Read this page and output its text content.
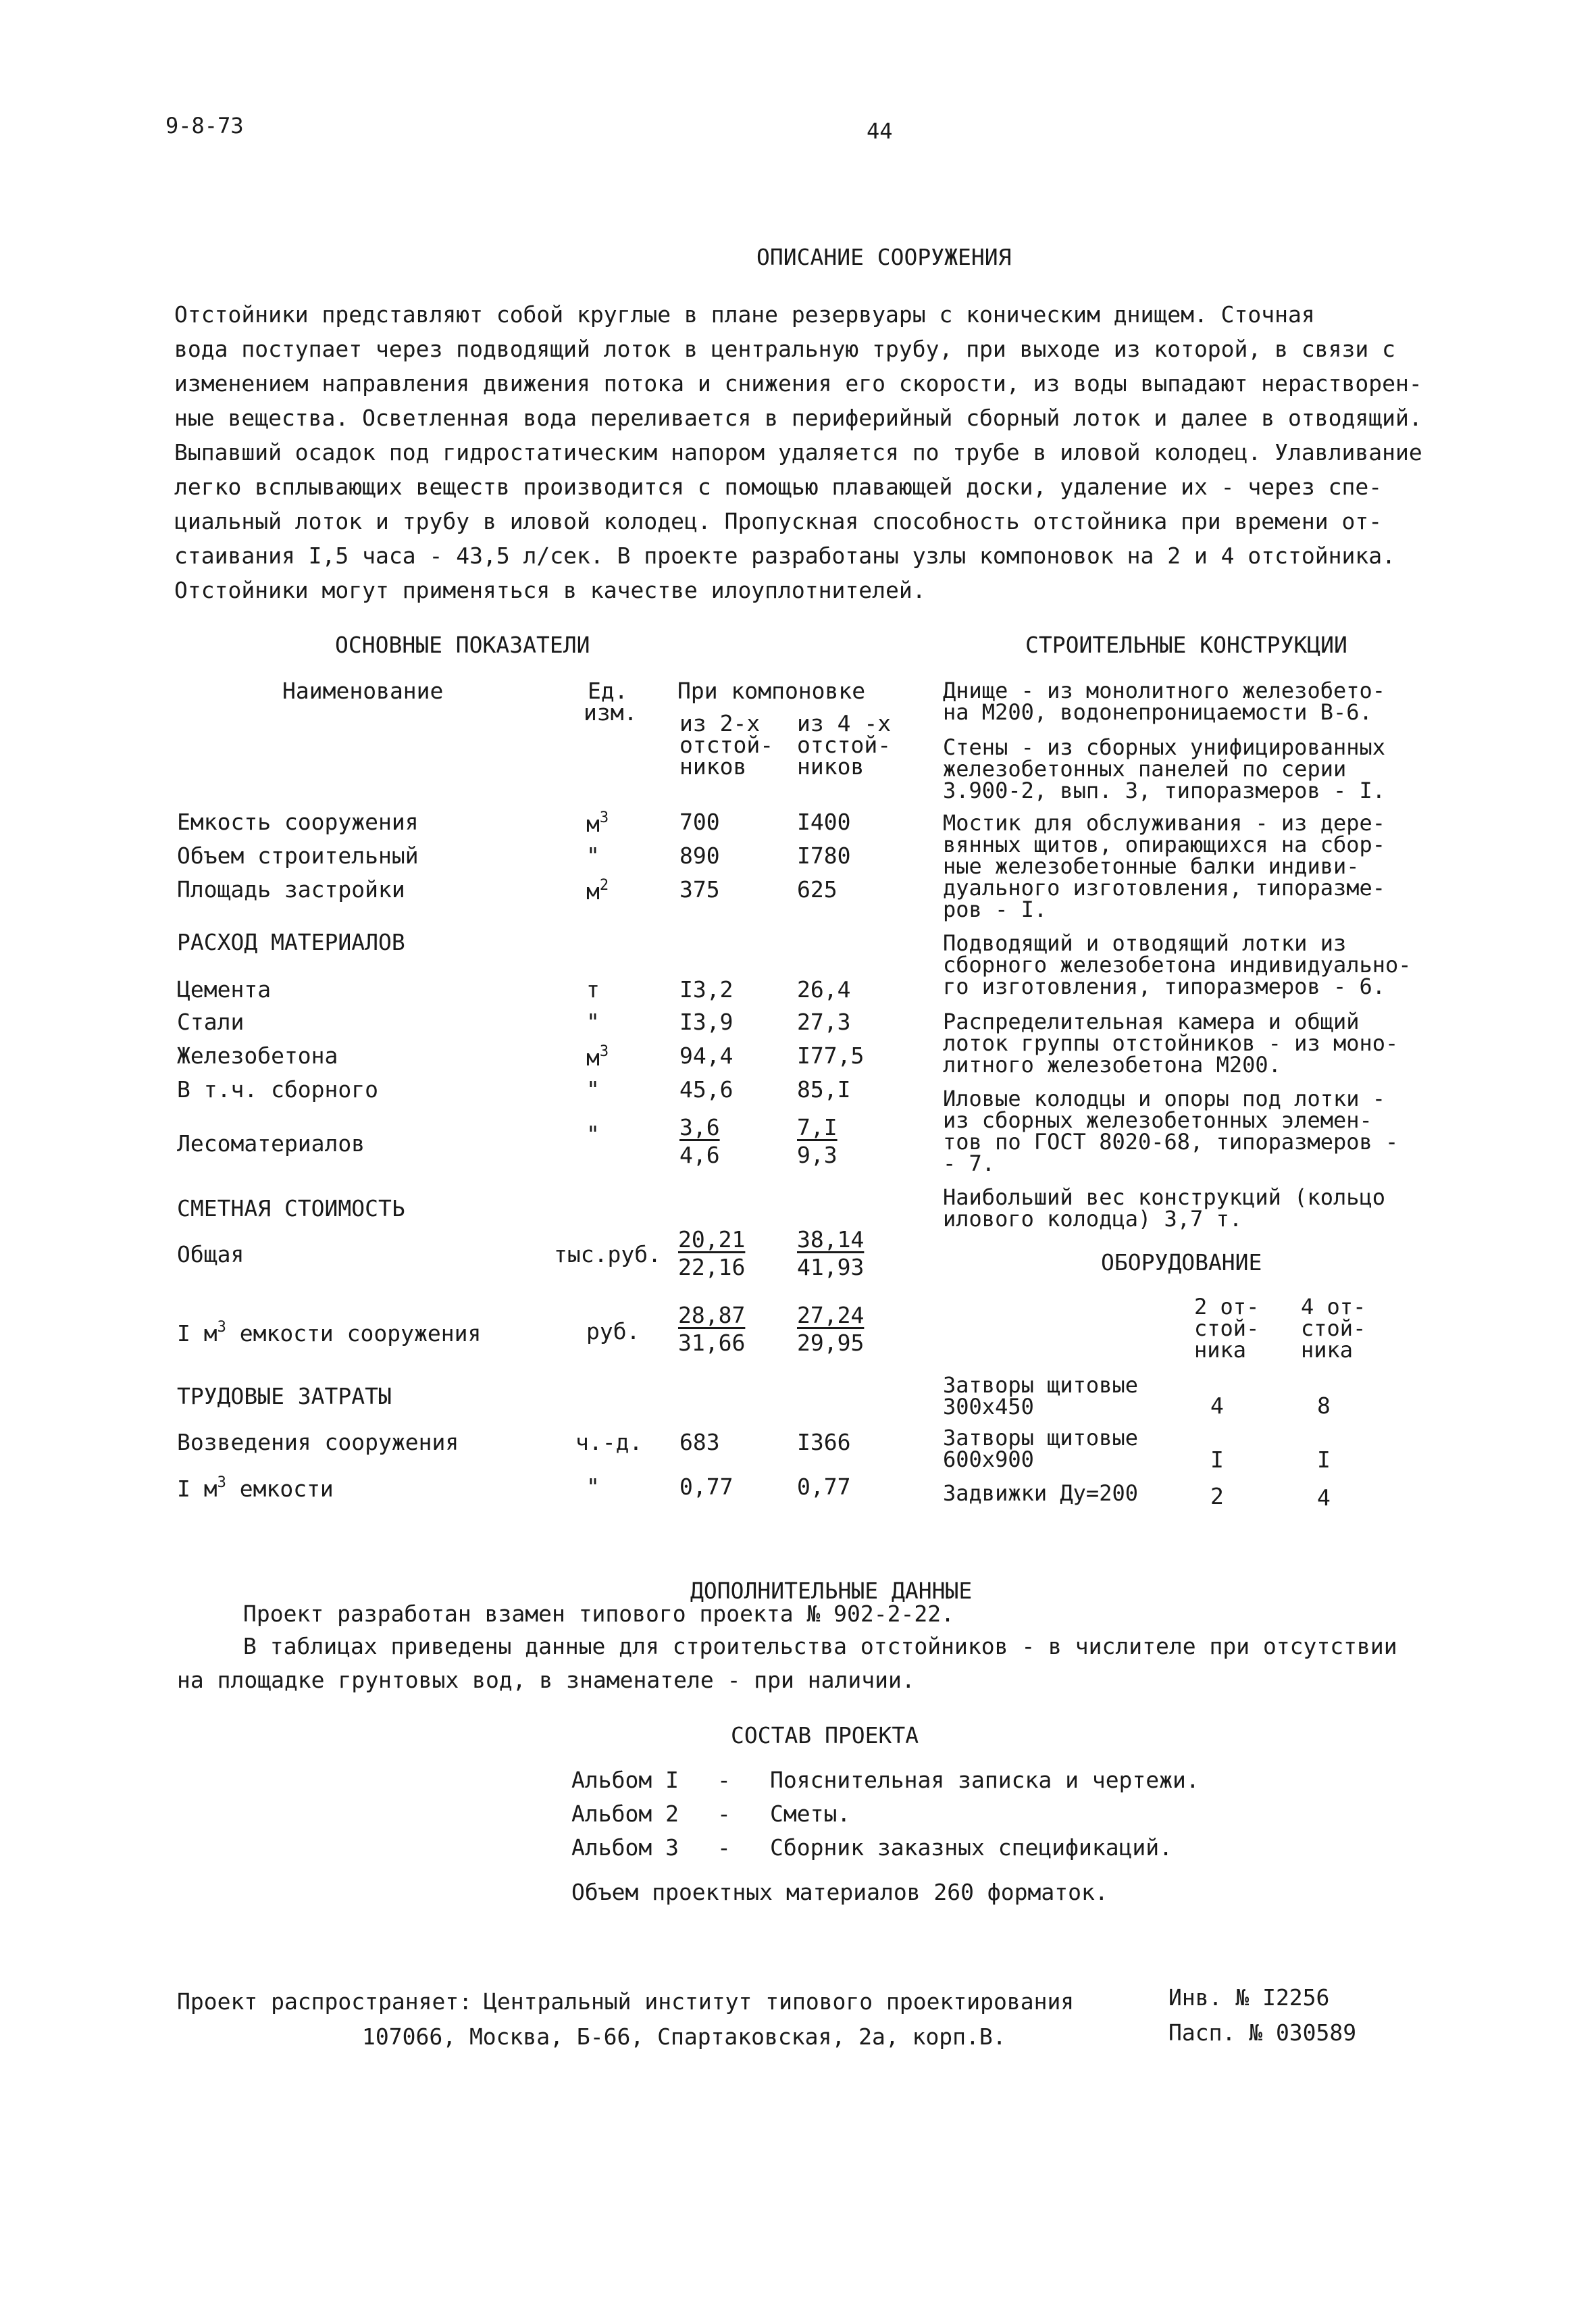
9-8-73	44
ОПИСАНИЕ СООРУЖЕНИЯ
Отстойники представляют собой круглые в плане резервуары с коническим днищем. Сточная
вода поступает через подводящий лоток в центральную трубу, при выходе из которой, в связи с
изменением направления движения потока и снижения его скорости, из воды выпадают нерастворен-
ные вещества. Осветленная вода переливается в периферийный сборный лоток и далее в отводящий.
Выпавший осадок под гидростатическим напором удаляется по трубе в иловой колодец. Улавливание
легко всплывающих веществ производится с помощью плавающей доски, удаление их - через спе-
циальный лоток и трубу в иловой колодец. Пропускная способность отстойника при времени от-
стаивания I,5 часа - 43,5 л/сек. В проекте разработаны узлы компоновок на 2 и 4 отстойника.
Отстойники могут применяться в качестве илоуплотнителей.
ОСНОВНЫЕ ПОКАЗАТЕЛИ
Наименование	Ед.
изм.
При компоновке
из 2-х
отстой-
ников
из 4 -х
отстой-
ников
Емкость сооружения	$м^3$	700	I400
Объем строительный	"	890	I780
Площадь застройки	$м^2$	375	625
РАСХОД МАТЕРИАЛОВ
Цемента	т	I3,2	26,4
Стали	"	I3,9	27,3
Железобетона	$м^3$	94,4	I77,5
В т.ч. сборного	"	45,6	85,I
Лесоматериалов	"	$\frac{3,6}{4,6}$	$\frac{7,I}{9,3}$
СМЕТНАЯ СТОИМОСТЬ
Общая	тыс.руб. $\frac{20,21}{22,16} \frac{38,14}{41,93}$
I $м^3$ емкости сооружения	руб. $\frac{28,87}{31,66} \frac{27,24}{29,95}$
ТРУДОВЫЕ ЗАТРАТЫ
Возведения сооружения	ч.-д. 683	I366
I $м^3$ емкости	"	0,77	0,77
СТРОИТЕЛЬНЫЕ КОНСТРУКЦИИ
Днище - из монолитного железобето-
на М200, водонепроницаемости В-6.
Стены - из сборных унифицированных
железобетонных панелей по серии
3.900-2, вып. 3, типоразмеров - I.
Мостик для обслуживания - из дере-
вянных щитов, опирающихся на сбор-
ные железобетонные балки индиви-
дуального изготовления, типоразме-
ров - I.
Подводящий и отводящий лотки из
сборного железобетона индивидуально-
го изготовления, типоразмеров - 6.
Распределительная камера и общий
лоток группы отстойников - из моно-
литного железобетона М200.
Иловые колодцы и опоры под лотки -
из сборных железобетонных элемен-
тов по ГОСТ 8020-68, типоразмеров -
- 7.
Наибольший вес конструкций (кольцо
илового колодца) 3,7 т.
ОБОРУДОВАНИЕ
2 от-
стой-
ника
4 от-
стой-
ника
Затворы щитовые
300х450	4	8
Затворы щитовые
600х900	I	I
Задвижки Ду=200	2	4
ДОПОЛНИТЕЛЬНЫЕ ДАННЫЕ
Проект разработан взамен типового проекта № 902-2-22.
В таблицах приведены данные для строительства отстойников - в числителе при отсутствии
на площадке грунтовых вод, в знаменателе - при наличии.
СОСТАВ ПРОЕКТА
Альбом I - Пояснительная записка и чертежи.
Альбом 2 - Сметы.
Альбом 3 - Сборник заказных спецификаций.
Объем проектных материалов 260 форматок.
Проект распространяет: Центральный институт типового проектирования
107066, Москва, Б-66, Спартаковская, 2а, корп.В.
Инв. № I2256
Пасп. № 030589
